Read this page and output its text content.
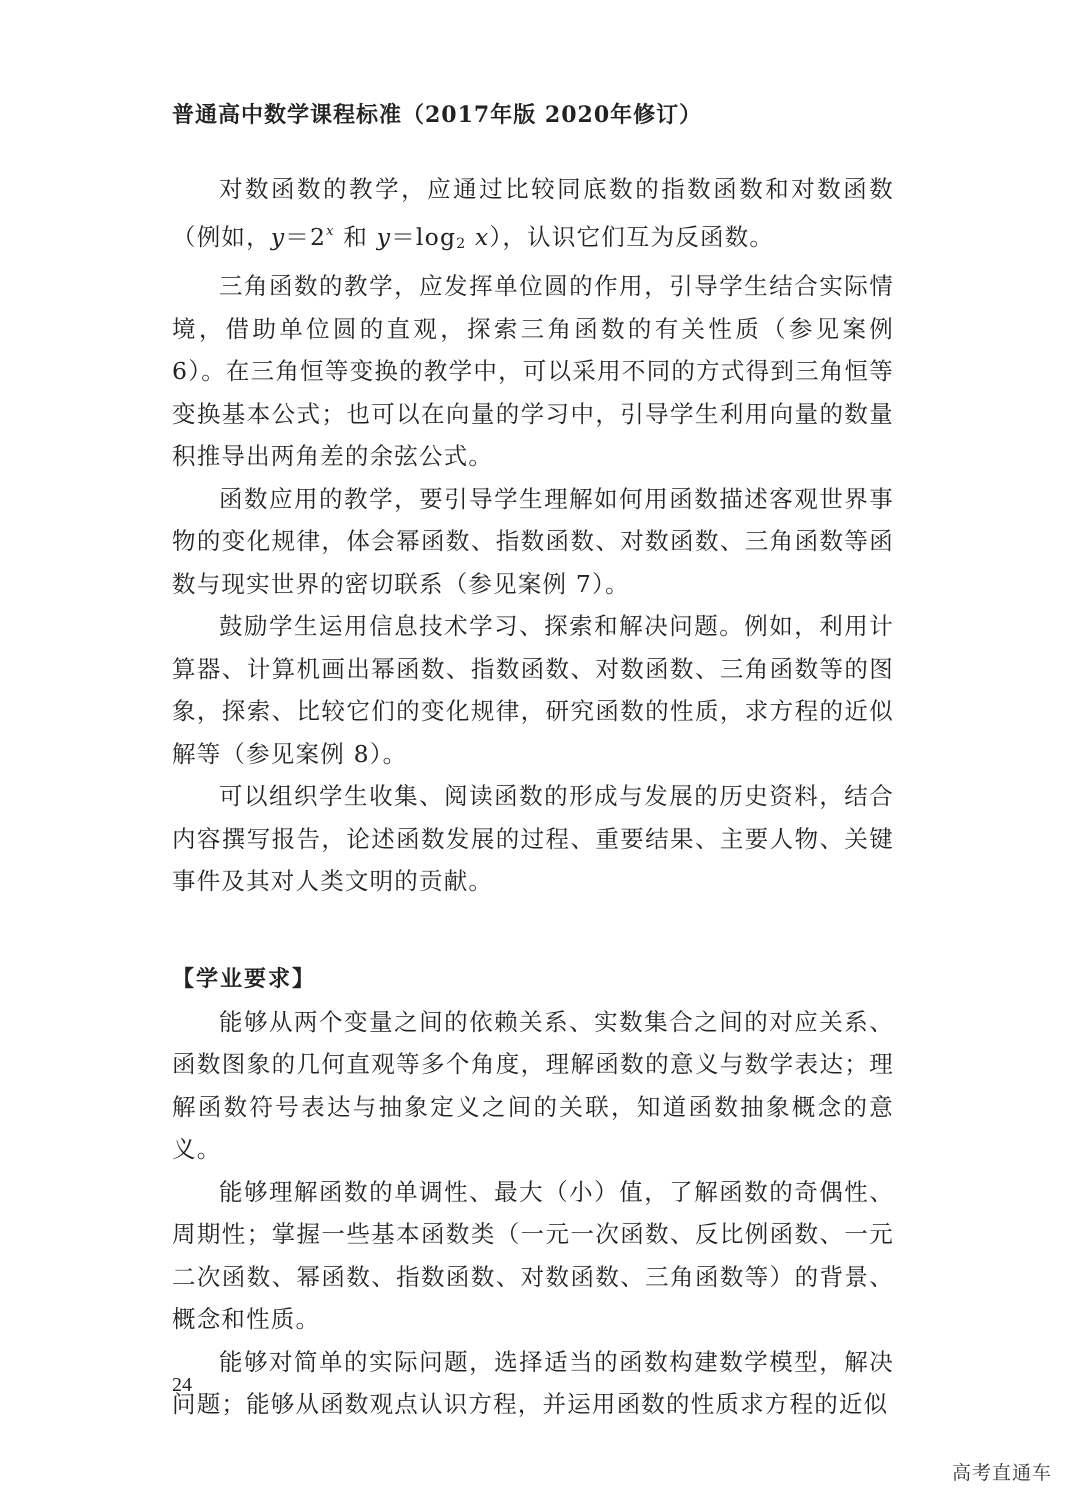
普通高中数学课程标准（2017年版 2020年修订）

对数函数的教学，应通过比较同底数的指数函数和对数函数（例如，$y=2^x$ 和 $y=\log_2$ x），认识它们互为反函数。

三角函数的教学，应发挥单位圆的作用，引导学生结合实际情境，借助单位圆的直观，探索三角函数的有关性质（参见案例 6）。在三角恒等变换的教学中，可以采用不同的方式得到三角恒等变换基本公式；也可以在向量的学习中，引导学生利用向量的数量积推导出两角差的余弦公式。

函数应用的教学，要引导学生理解如何用函数描述客观世界事物的变化规律，体会幂函数、指数函数、对数函数、三角函数等函数与现实世界的密切联系（参见案例 7）。

鼓励学生运用信息技术学习、探索和解决问题。例如，利用计算器、计算机画出幂函数、指数函数、对数函数、三角函数等的图象，探索、比较它们的变化规律，研究函数的性质，求方程的近似解等（参见案例 8）。

可以组织学生收集、阅读函数的形成与发展的历史资料，结合内容撰写报告，论述函数发展的过程、重要结果、主要人物、关键事件及其对人类文明的贡献。

【学业要求】

能够从两个变量之间的依赖关系、实数集合之间的对应关系、函数图象的几何直观等多个角度，理解函数的意义与数学表达；理解函数符号表达与抽象定义之间的关联，知道函数抽象概念的意义。

能够理解函数的单调性、最大（小）值，了解函数的奇偶性、周期性；掌握一些基本函数类（一元一次函数、反比例函数、一元二次函数、幂函数、指数函数、对数函数、三角函数等）的背景、概念和性质。

能够对简单的实际问题，选择适当的函数构建数学模型，解决问题；能够从函数观点认识方程，并运用函数的性质求方程的近似

24
高考直通车
